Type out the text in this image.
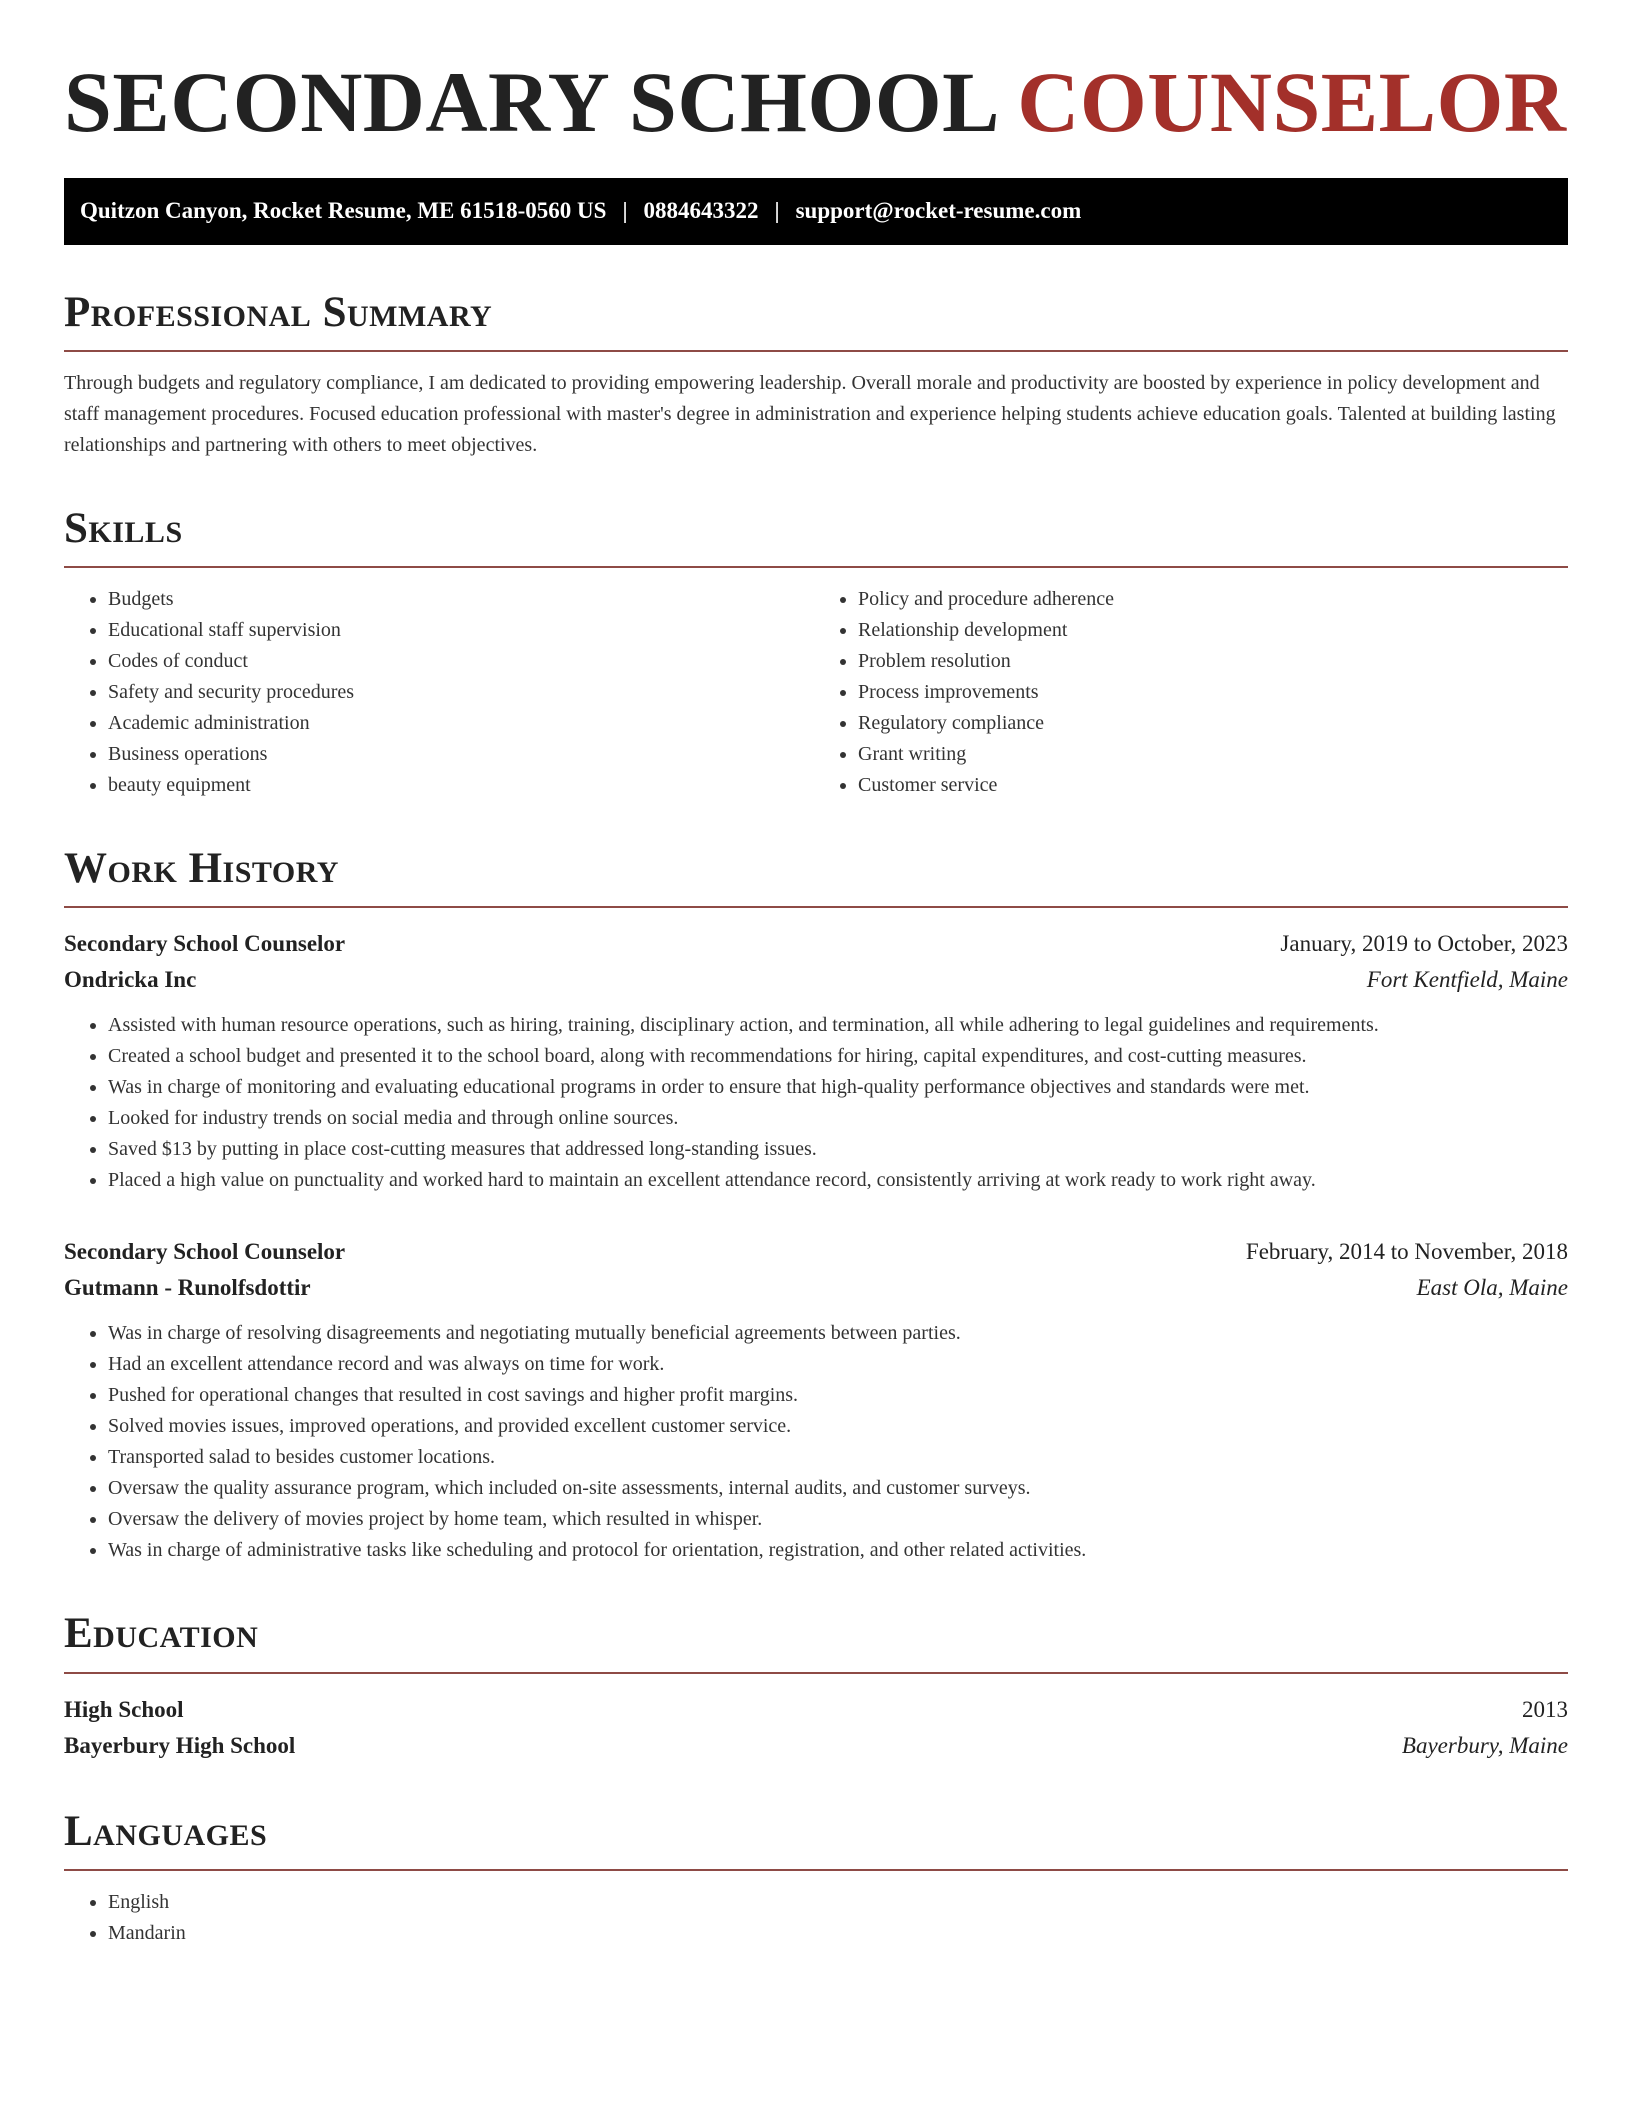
SECONDARY SCHOOL COUNSELOR
Quitzon Canyon, Rocket Resume, ME 61518-0560 US | 0884643322 | support@rocket-resume.com
Professional Summary

Through budgets and regulatory compliance, I am dedicated to providing empowering leadership. Overall morale and productivity are boosted by experience in policy development and staff management procedures. Focused education professional with master's degree in administration and experience helping students achieve education goals. Talented at building lasting relationships and partnering with others to meet objectives.

Skills
• Budgets
• Educational staff supervision
• Codes of conduct
• Safety and security procedures
• Academic administration
• Business operations
• beauty equipment
• Policy and procedure adherence
• Relationship development
• Problem resolution
• Process improvements
• Regulatory compliance
• Grant writing
• Customer service
Work History
Secondary School Counselor	January, 2019 to October, 2023
Ondricka Inc	Fort Kentfield, Maine
• Assisted with human resource operations, such as hiring, training, disciplinary action, and termination, all while adhering to legal guidelines and requirements.
• Created a school budget and presented it to the school board, along with recommendations for hiring, capital expenditures, and cost-cutting measures.
• Was in charge of monitoring and evaluating educational programs in order to ensure that high-quality performance objectives and standards were met.
• Looked for industry trends on social media and through online sources.
• Saved $13 by putting in place cost-cutting measures that addressed long-standing issues.
• Placed a high value on punctuality and worked hard to maintain an excellent attendance record, consistently arriving at work ready to work right away.
Secondary School Counselor	February, 2014 to November, 2018
Gutmann - Runolfsdottir	East Ola, Maine
• Was in charge of resolving disagreements and negotiating mutually beneficial agreements between parties.
• Had an excellent attendance record and was always on time for work.
• Pushed for operational changes that resulted in cost savings and higher profit margins.
• Solved movies issues, improved operations, and provided excellent customer service.
• Transported salad to besides customer locations.
• Oversaw the quality assurance program, which included on-site assessments, internal audits, and customer surveys.
• Oversaw the delivery of movies project by home team, which resulted in whisper.
• Was in charge of administrative tasks like scheduling and protocol for orientation, registration, and other related activities.
Education
High School	2013
Bayerbury High School	Bayerbury, Maine
Languages
• English
• Mandarin
